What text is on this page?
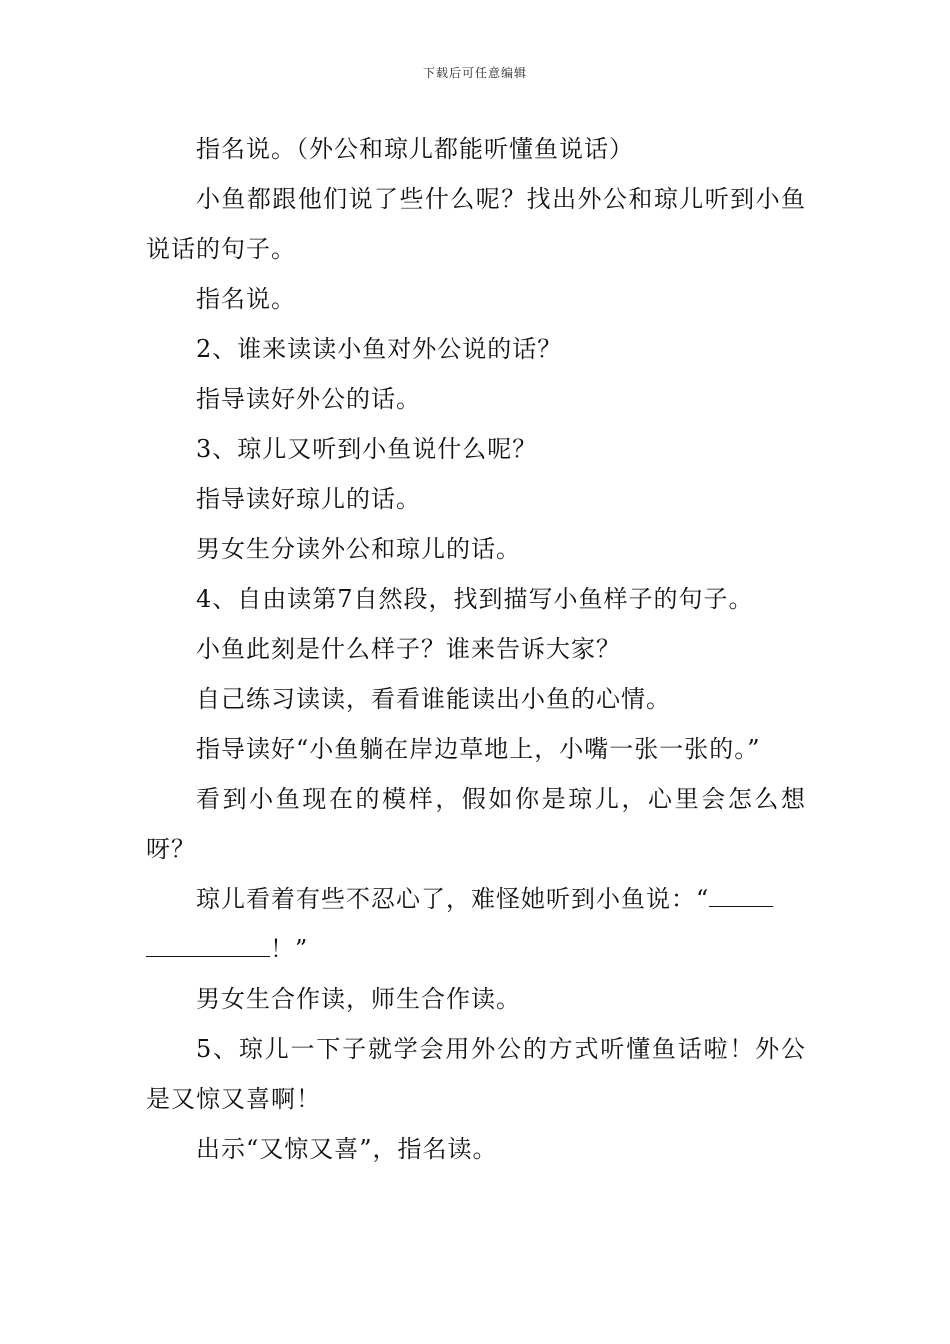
下载后可任意编辑

指名说。（外公和琼儿都能听懂鱼说话）

小鱼都跟他们说了些什么呢？找出外公和琼儿听到小鱼说话的句子。

指名说。

2、谁来读读小鱼对外公说的话？

指导读好外公的话。

3、琼儿又听到小鱼说什么呢？

指导读好琼儿的话。

男女生分读外公和琼儿的话。

4、自由读第7自然段，找到描写小鱼样子的句子。

小鱼此刻是什么样子？谁来告诉大家？

自己练习读读，看看谁能读出小鱼的心情。

指导读好“小鱼躺在岸边草地上，小嘴一张一张的。”

看到小鱼现在的模样，假如你是琼儿，心里会怎么想呀？

琼儿看着有些不忍心了，难怪她听到小鱼说：“！”

男女生合作读，师生合作读。

5、琼儿一下子就学会用外公的方式听懂鱼话啦！外公是又惊又喜啊！

出示“又惊又喜”，指名读。
